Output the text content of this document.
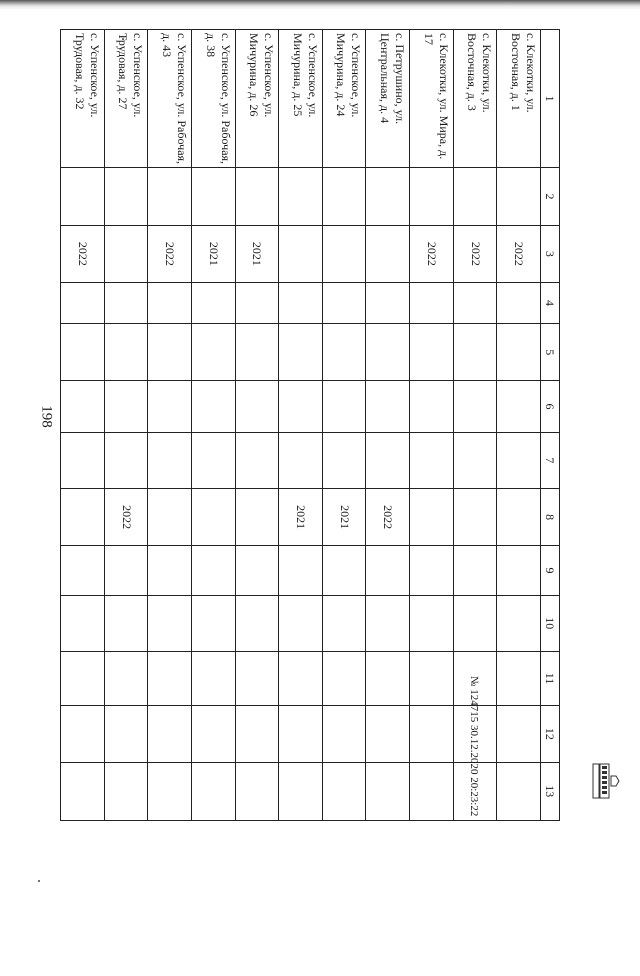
198
1	2	3	4	5	6	7	8	9	10	11	12	13
с. Клекотки, ул. Восточная, д. 1		2022										
с. Клекотки, ул. Восточная, д. 3		2022										
с. Клекотки, ул. Мира, д. 17		2022										
с. Петрушино, ул. Центральная, д. 4							2022					
с. Успенское, ул. Мичурина, д. 24							2021					
с. Успенское, ул. Мичурина, д. 25							2021					
с. Успенское, ул. Мичурина, д. 26		2021										
с. Успенское, ул. Рабочая, д. 38		2021										
с. Успенское, ул. Рабочая, д. 43		2022										
с. Успенское, ул. Трудовая, д. 27							2022					
с. Успенское, ул. Трудовая, д. 32		2022										
№ 124715 30.12.2020 20:23:22
